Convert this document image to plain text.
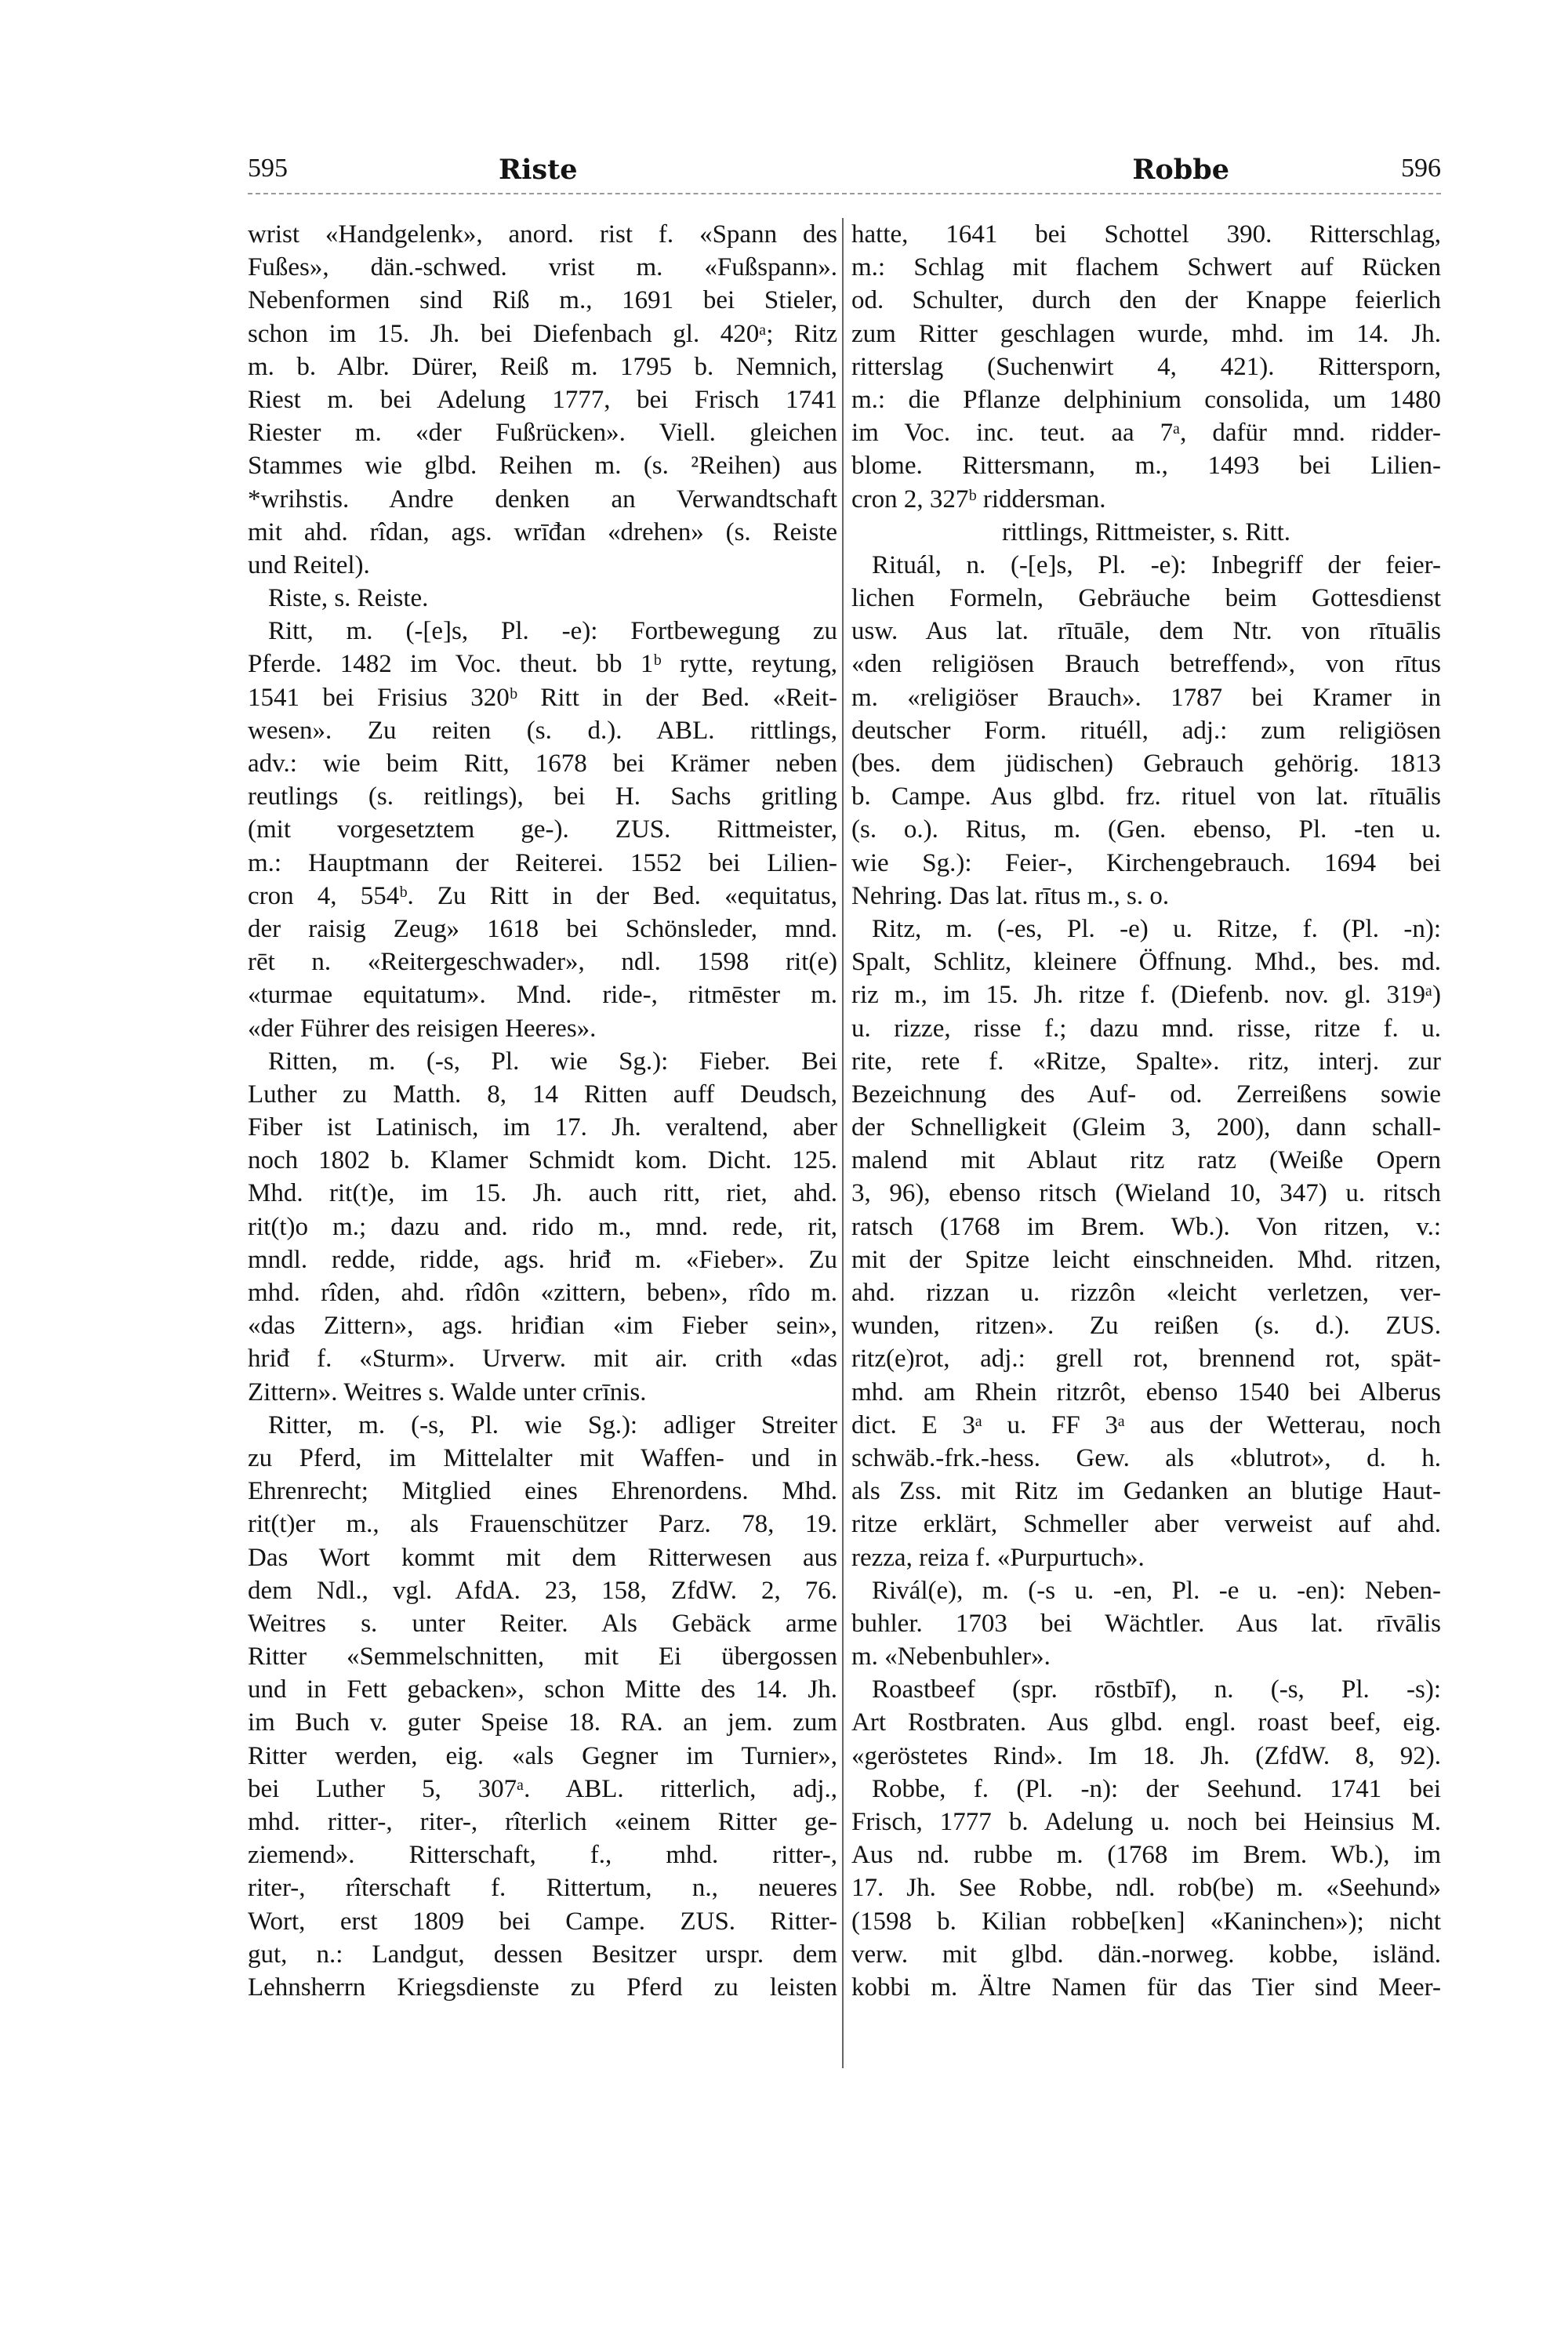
595	Riste	Robbe	596
wrist «Handgelenk», anord. rist f. «Spann des
Fußes», dän.-schwed. vrist m. «Fußspann».
Nebenformen sind Riß m., 1691 bei Stieler,
schon im 15. Jh. bei Diefenbach gl. 420ᵃ; Ritz
m. b. Albr. Dürer, Reiß m. 1795 b. Nemnich,
Riest m. bei Adelung 1777, bei Frisch 1741
Riester m. «der Fußrücken». Viell. gleichen
Stammes wie glbd. Reihen m. (s. ²Reihen) aus
*wrihstis. Andre denken an Verwandtschaft
mit ahd. rîdan, ags. wrīđan «drehen» (s. Reiste
und Reitel).
Riste, s. Reiste.
Ritt, m. (-[e]s, Pl. -e): Fortbewegung zu
Pferde. 1482 im Voc. theut. bb 1ᵇ rytte, reytung,
1541 bei Frisius 320ᵇ Ritt in der Bed. «Reit-
wesen». Zu reiten (s. d.). ABL. rittlings,
adv.: wie beim Ritt, 1678 bei Krämer neben
reutlings (s. reitlings), bei H. Sachs gritling
(mit vorgesetztem ge-). ZUS. Rittmeister,
m.: Hauptmann der Reiterei. 1552 bei Lilien-
cron 4, 554ᵇ. Zu Ritt in der Bed. «equitatus,
der raisig Zeug» 1618 bei Schönsleder, mnd.
rēt n. «Reitergeschwader», ndl. 1598 rit(e)
«turmae equitatum». Mnd. ride-, ritmēster m.
«der Führer des reisigen Heeres».
Ritten, m. (-s, Pl. wie Sg.): Fieber. Bei
Luther zu Matth. 8, 14 Ritten auff Deudsch,
Fiber ist Latinisch, im 17. Jh. veraltend, aber
noch 1802 b. Klamer Schmidt kom. Dicht. 125.
Mhd. rit(t)e, im 15. Jh. auch ritt, riet, ahd.
rit(t)o m.; dazu and. rido m., mnd. rede, rit,
mndl. redde, ridde, ags. hriđ m. «Fieber». Zu
mhd. rîden, ahd. rîdôn «zittern, beben», rîdo m.
«das Zittern», ags. hriđian «im Fieber sein»,
hriđ f. «Sturm». Urverw. mit air. crith «das
Zittern». Weitres s. Walde unter crīnis.
Ritter, m. (-s, Pl. wie Sg.): adliger Streiter
zu Pferd, im Mittelalter mit Waffen- und in
Ehrenrecht; Mitglied eines Ehrenordens. Mhd.
rit(t)er m., als Frauenschützer Parz. 78, 19.
Das Wort kommt mit dem Ritterwesen aus
dem Ndl., vgl. AfdA. 23, 158, ZfdW. 2, 76.
Weitres s. unter Reiter. Als Gebäck arme
Ritter «Semmelschnitten, mit Ei übergossen
und in Fett gebacken», schon Mitte des 14. Jh.
im Buch v. guter Speise 18. RA. an jem. zum
Ritter werden, eig. «als Gegner im Turnier»,
bei Luther 5, 307ᵃ. ABL. ritterlich, adj.,
mhd. ritter-, riter-, rîterlich «einem Ritter ge-
ziemend». Ritterschaft, f., mhd. ritter-,
riter-, rîterschaft f. Rittertum, n., neueres
Wort, erst 1809 bei Campe. ZUS. Ritter-
gut, n.: Landgut, dessen Besitzer urspr. dem
Lehnsherrn Kriegsdienste zu Pferd zu leisten
hatte, 1641 bei Schottel 390. Ritterschlag,
m.: Schlag mit flachem Schwert auf Rücken
od. Schulter, durch den der Knappe feierlich
zum Ritter geschlagen wurde, mhd. im 14. Jh.
ritterslag (Suchenwirt 4, 421). Rittersporn,
m.: die Pflanze delphinium consolida, um 1480
im Voc. inc. teut. aa 7ᵃ, dafür mnd. ridder-
blome. Rittersmann, m., 1493 bei Lilien-
cron 2, 327ᵇ riddersman.
rittlings, Rittmeister, s. Ritt.
Rituál, n. (-[e]s, Pl. -e): Inbegriff der feier-
lichen Formeln, Gebräuche beim Gottesdienst
usw. Aus lat. rītuāle, dem Ntr. von rītuālis
«den religiösen Brauch betreffend», von rītus
m. «religiöser Brauch». 1787 bei Kramer in
deutscher Form. rituéll, adj.: zum religiösen
(bes. dem jüdischen) Gebrauch gehörig. 1813
b. Campe. Aus glbd. frz. rituel von lat. rītuālis
(s. o.). Ritus, m. (Gen. ebenso, Pl. -ten u.
wie Sg.): Feier-, Kirchengebrauch. 1694 bei
Nehring. Das lat. rītus m., s. o.
Ritz, m. (-es, Pl. -e) u. Ritze, f. (Pl. -n):
Spalt, Schlitz, kleinere Öffnung. Mhd., bes. md.
riz m., im 15. Jh. ritze f. (Diefenb. nov. gl. 319ᵃ)
u. rizze, risse f.; dazu mnd. risse, ritze f. u.
rite, rete f. «Ritze, Spalte». ritz, interj. zur
Bezeichnung des Auf- od. Zerreißens sowie
der Schnelligkeit (Gleim 3, 200), dann schall-
malend mit Ablaut ritz ratz (Weiße Opern
3, 96), ebenso ritsch (Wieland 10, 347) u. ritsch
ratsch (1768 im Brem. Wb.). Von ritzen, v.:
mit der Spitze leicht einschneiden. Mhd. ritzen,
ahd. rizzan u. rizzôn «leicht verletzen, ver-
wunden, ritzen». Zu reißen (s. d.). ZUS.
ritz(e)rot, adj.: grell rot, brennend rot, spät-
mhd. am Rhein ritzrôt, ebenso 1540 bei Alberus
dict. E 3ᵃ u. FF 3ᵃ aus der Wetterau, noch
schwäb.-frk.-hess. Gew. als «blutrot», d. h.
als Zss. mit Ritz im Gedanken an blutige Haut-
ritze erklärt, Schmeller aber verweist auf ahd.
rezza, reiza f. «Purpurtuch».
Rivál(e), m. (-s u. -en, Pl. -e u. -en): Neben-
buhler. 1703 bei Wächtler. Aus lat. rīvālis
m. «Nebenbuhler».
Roastbeef (spr. rōstbīf), n. (-s, Pl. -s):
Art Rostbraten. Aus glbd. engl. roast beef, eig.
«geröstetes Rind». Im 18. Jh. (ZfdW. 8, 92).
Robbe, f. (Pl. -n): der Seehund. 1741 bei
Frisch, 1777 b. Adelung u. noch bei Heinsius M.
Aus nd. rubbe m. (1768 im Brem. Wb.), im
17. Jh. See Robbe, ndl. rob(be) m. «Seehund»
(1598 b. Kilian robbe[ken] «Kaninchen»); nicht
verw. mit glbd. dän.-norweg. kobbe, isländ.
kobbi m. Ältre Namen für das Tier sind Meer-
